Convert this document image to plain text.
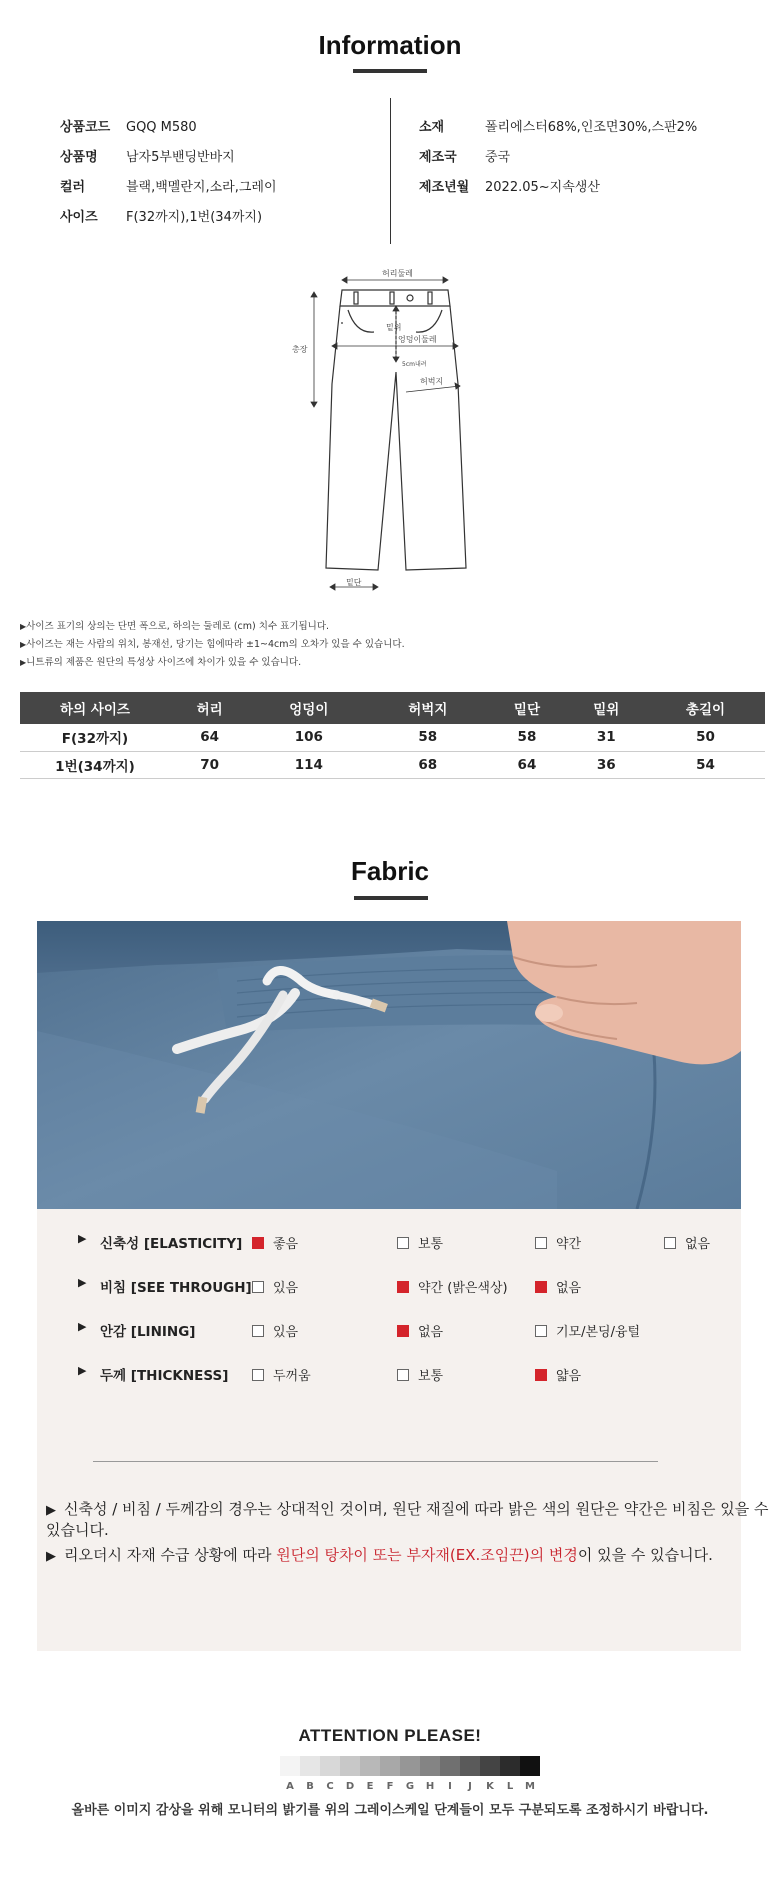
Information
상품코드 GQQ M580
상품명 남자5부밴딩반바지
컬러	블랙,백멜란지,소라,그레이
사이즈 F(32까지),1번(34까지)
소재	폴리에스터68%,인조면30%,스판2%
제조국 중국
제조년월 2022.05~지속생산
허리둘레
밑위
총장
엉덩이둘레
5cm내려
허벅지
밑단
▶ 사이즈 표기의 상의는 단면 폭으로, 하의는 둘레로 (cm) 치수 표기됩니다.
▶ 사이즈는 재는 사람의 위치, 봉재선, 당기는 힘에따라 ±1~4cm의 오차가 있을 수 있습니다.
▶ 니트류의 제품은 원단의 특성상 사이즈에 차이가 있을 수 있습니다.
하의 사이즈	허리	엉덩이	허벅지	밑단	밑위	총길이
F(32까지)	64	106	58	58	31	50
1번(34까지)	70	114	68	64	36	54
Fabric
▶ 신축성 [ELASTICITY]	좋음	보통	약간	없음
▶ 비침 [SEE THROUGH]	있음	약간 (밝은색상)	없음
▶ 안감 [LINING]	있음	없음	기모/본딩/융털
▶ 두께 [THICKNESS]	두꺼움	보통	얇음
▶ 신축성 / 비침 / 두께감의 경우는 상대적인 것이며, 원단 재질에 따라 밝은 색의 원단은 약간은 비침은 있을 수 있습니다.
▶ 리오더시 자재 수급 상황에 따라 원단의 탕차이 또는 부자재(EX.조임끈)의 변경이 있을 수 있습니다.
ATTENTION PLEASE!
A	B	C	D	E	F	G	H	I	J	K	L	M
올바른 이미지 감상을 위해 모니터의 밝기를 위의 그레이스케일 단계들이 모두 구분되도록 조정하시기 바랍니다.
